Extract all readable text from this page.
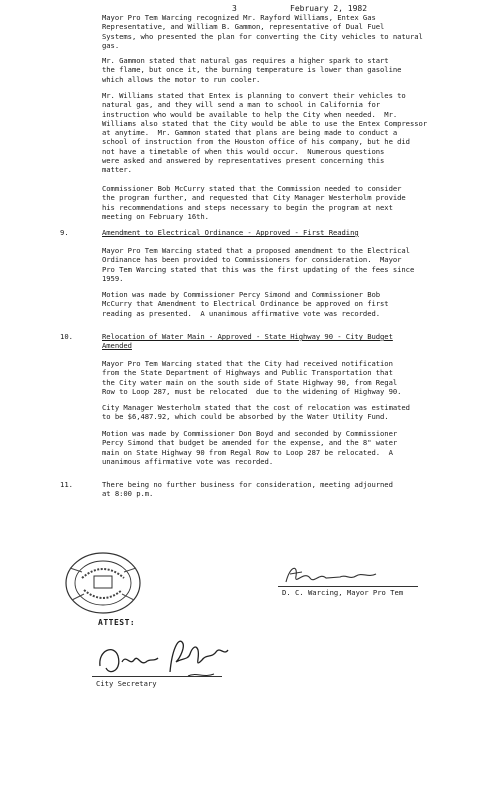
3	February 2, 1982
Mayor Pro Tem Warcing recognized Mr. Rayford Williams, Entex Gas
Representative, and William B. Gammon, representative of Dual Fuel
Systems, who presented the plan for converting the City vehicles to natural
gas.
Mr. Gammon stated that natural gas requires a higher spark to start
the flame, but once it, the burning temperature is lower than gasoline
which allows the motor to run cooler.
Mr. Williams stated that Entex is planning to convert their vehicles to
natural gas, and they will send a man to school in California for
instruction who would be available to help the City when needed.  Mr.
Williams also stated that the City would be able to use the Entex Compressor
at anytime.  Mr. Gammon stated that plans are being made to conduct a
school of instruction from the Houston office of his company, but he did
not have a timetable of when this would occur.  Numerous questions
were asked and answered by representatives present concerning this
matter.
Commissioner Bob McCurry stated that the Commission needed to consider
the program further, and requested that City Manager Westerholm provide
his recommendations and steps necessary to begin the program at next
meeting on February 16th.
9.	Amendment to Electrical Ordinance - Approved - First Reading
Mayor Pro Tem Warcing stated that a proposed amendment to the Electrical
Ordinance has been provided to Commissioners for consideration.  Mayor
Pro Tem Warcing stated that this was the first updating of the fees since
1959.
Motion was made by Commissioner Percy Simond and Commissioner Bob
McCurry that Amendment to Electrical Ordinance be approved on first
reading as presented.  A unanimous affirmative vote was recorded.
10.	Relocation of Water Main - Approved - State Highway 90 - City Budget
Amended
Mayor Pro Tem Warcing stated that the City had received notification
from the State Department of Highways and Public Transportation that
the City water main on the south side of State Highway 90, from Regal
Row to Loop 287, must be relocated  due to the widening of Highway 90.
City Manager Westerholm stated that the cost of relocation was estimated
to be $6,487.92, which could be absorbed by the Water Utility Fund.
Motion was made by Commissioner Don Boyd and seconded by Commissioner
Percy Simond that budget be amended for the expense, and the 8" water
main on State Highway 90 from Regal Row to Loop 287 be relocated.  A
unanimous affirmative vote was recorded.
11.	There being no further business for consideration, meeting adjourned
at 8:00 p.m.
ATTEST:
D. C. Warcing, Mayor Pro Tem
City Secretary
